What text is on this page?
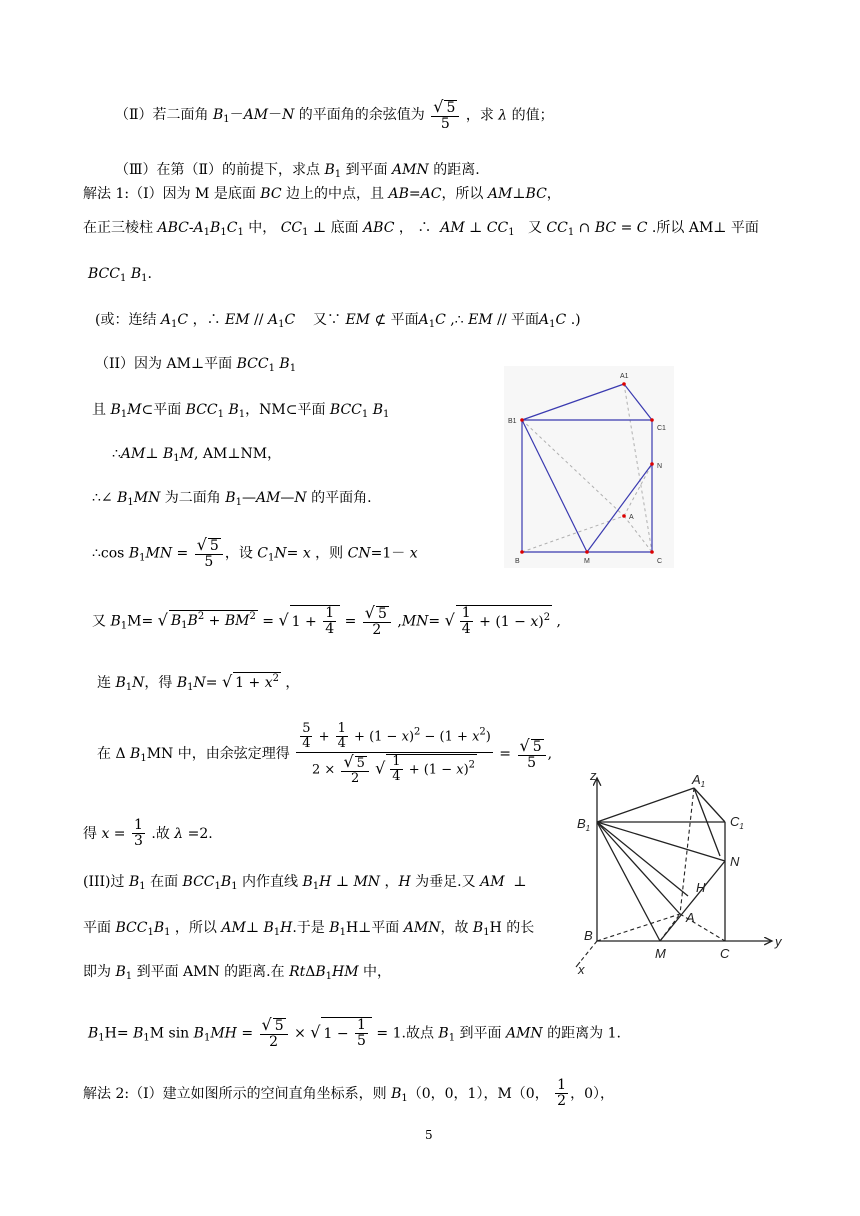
（Ⅱ）若二面角 $B_1-AM-N$ 的平面角的余弦值为 $\frac{√ 5}{5}$ ，求 λ 的值；
（Ⅲ）在第（Ⅱ）的前提下，求点 $B_1$ 到平面 AMN 的距离.
解法 1:（Ⅰ）因为 M 是底面 BC 边上的中点，且 AB=AC，所以 AM⊥BC，
在正三棱柱 ABC-$A_1B_1C_1$ 中， $CC_1$ ⊥ 底面 ABC ， ∴  AM ⊥ $CC_1$   又 $CC_1$ ∩ BC = C .所以 AM⊥ 平面
$BCC_1$ $B_1$.
(或：连结 $A_1C$ ，∴ EM // $A_1C$    又∵ EM ⊄ 平面$A_1C$ ,∴ EM // 平面$A_1C$ .)
（II）因为 AM⊥平面 $BCC_1$ $B_1$
且 $B_1M\subset$平面 $BCC_1$ $B_1$，NM⊂平面 $BCC_1$ $B_1$
∴AM⊥ $B_1M$, AM⊥NM，
∴∠ $B_1MN$ 为二面角 $B_1—AM—N$ 的平面角.
∴cos $B_1MN = \frac{√ 5}{5}$ ，设 $C_1N= x$ ，则 CN=1－ x
又 $B_1M=$ √ $B_1B^2 + BM^2$ = √ $1 + \frac{1}{4} = \frac{√ 5}{2} ,MN=$ √ $\frac{1}{4} + (1 - x)^2$ ,
连 $B_1N$，得 $B_1N=$ √ $1 + x^2$ ，
在 Δ $B_1MN$ 中，由余弦定理得 $\frac{\frac{5}{4} + \frac{1}{4} + (1 - x)^2 - (1 + x^2)}{2 \times \frac{√ 5}{2} √ \frac{1}{4} + (1 - x)^2} = \frac{√ 5}{5}$ ,
得 $x = \frac{1}{3}$ .故 λ =2.
(III)过 $B_1$ 在面 $BCC_1B_1$ 内作直线 $B_1H$ ⊥ MN ，H 为垂足.又 AM  ⊥
平面 $BCC_1B_1$ ，所以 AM⊥ $B_1H$.于是 $B_1H\perp$平面 AMN，故 $B_1H$ 的长
即为 $B_1$ 到平面 AMN 的距离.在 RtΔB$_1$HM 中，
$B_1H= B_1M$ $\sin B_1MH = \frac{√ 5}{2}$ × √ $1 - \frac{1}{5} = 1$.故点 $B_1$ 到平面 AMN 的距离为 1.
解法 2:（Ⅰ）建立如图所示的空间直角坐标系，则 $B_1(0$，0，1），M（0， $\frac{1}{2}$ ，0），
A1
B1
C1
N
A
B	M	C
z	$A_1$
$B_1$	$C_1$
N
H
A
B
M	C
y
x
5
